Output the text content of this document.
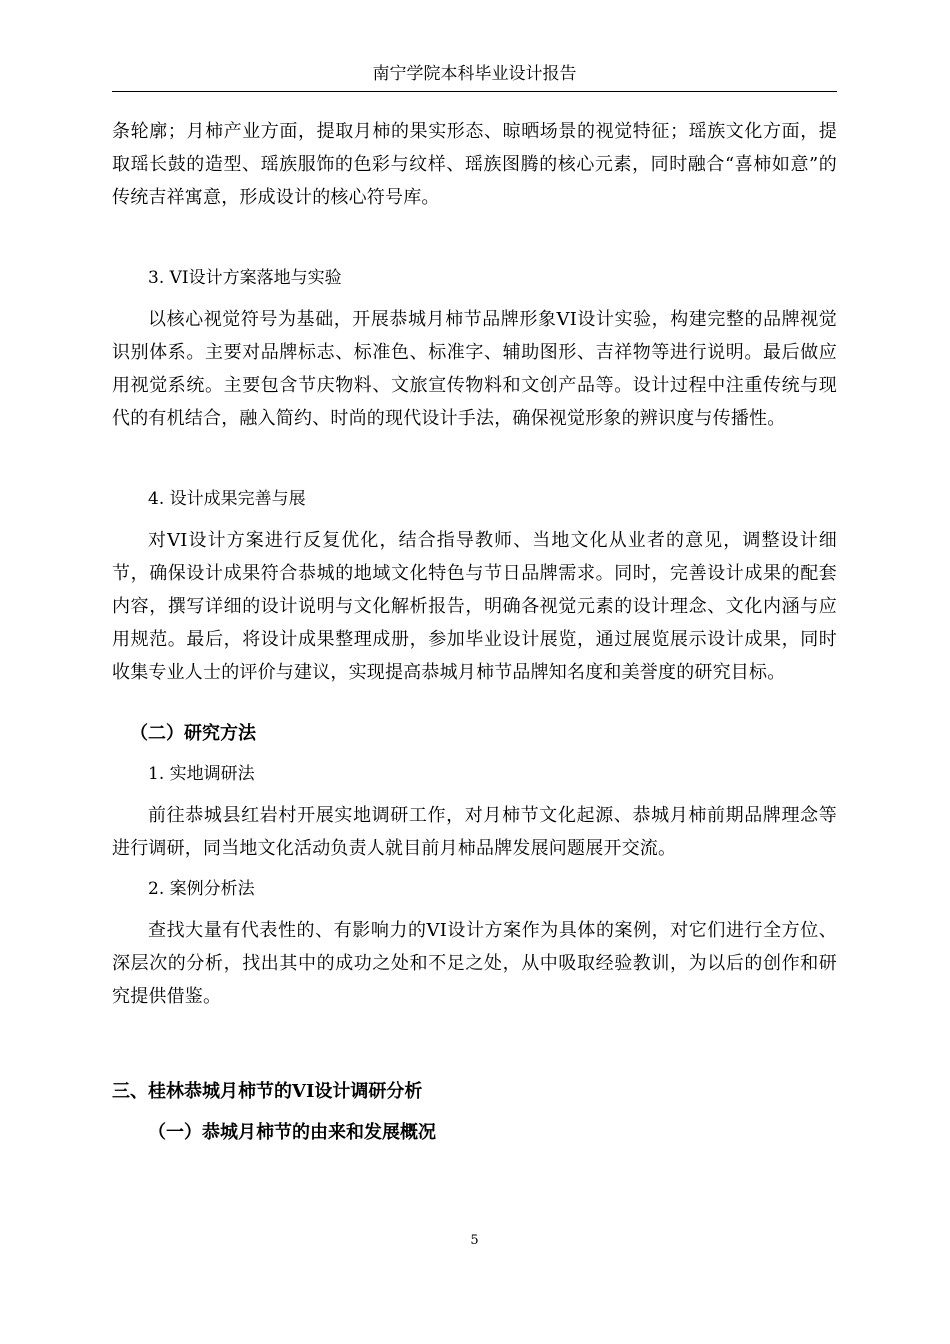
南宁学院本科毕业设计报告

条轮廓；月柿产业方面，提取月柿的果实形态、晾晒场景的视觉特征；瑶族文化方面，提取瑶长鼓的造型、瑶族服饰的色彩与纹样、瑶族图腾的核心元素，同时融合“喜柿如意”的传统吉祥寓意，形成设计的核心符号库。

3. VI设计方案落地与实验

以核心视觉符号为基础，开展恭城月柿节品牌形象VI设计实验，构建完整的品牌视觉识别体系。主要对品牌标志、标准色、标准字、辅助图形、吉祥物等进行说明。最后做应用视觉系统。主要包含节庆物料、文旅宣传物料和文创产品等。设计过程中注重传统与现代的有机结合，融入简约、时尚的现代设计手法，确保视觉形象的辨识度与传播性。

4. 设计成果完善与展

对VI设计方案进行反复优化，结合指导教师、当地文化从业者的意见，调整设计细节，确保设计成果符合恭城的地域文化特色与节日品牌需求。同时，完善设计成果的配套内容，撰写详细的设计说明与文化解析报告，明确各视觉元素的设计理念、文化内涵与应用规范。最后，将设计成果整理成册，参加毕业设计展览，通过展览展示设计成果，同时收集专业人士的评价与建议，实现提高恭城月柿节品牌知名度和美誉度的研究目标。

（二）研究方法

1. 实地调研法

前往恭城县红岩村开展实地调研工作，对月柿节文化起源、恭城月柿前期品牌理念等进行调研，同当地文化活动负责人就目前月柿品牌发展问题展开交流。

2. 案例分析法

查找大量有代表性的、有影响力的VI设计方案作为具体的案例，对它们进行全方位、深层次的分析，找出其中的成功之处和不足之处，从中吸取经验教训，为以后的创作和研究提供借鉴。

三、桂林恭城月柿节的VI设计调研分析

（一）恭城月柿节的由来和发展概况

5
